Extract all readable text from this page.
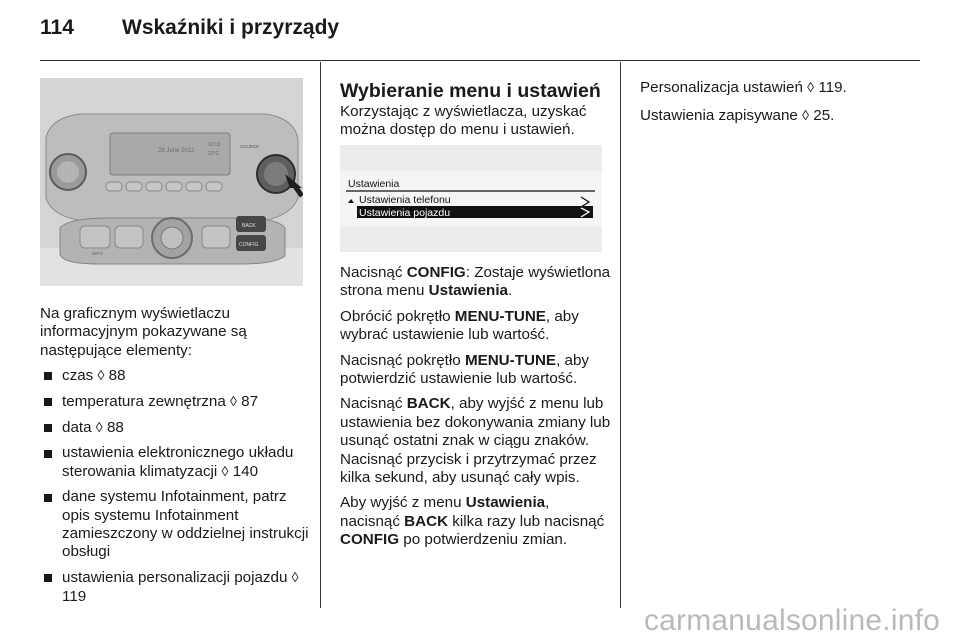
114 Wskaźniki i przyrządy
28 June 2012
12:00
22°C
SOURCE
BACK
CONFIG
INFO

Na graficznym wyświetlaczu informacyjnym pokazywane są następujące elementy:

czas ◊ 88
temperatura zewnętrzna ◊ 87
data ◊ 88
ustawienia elektronicznego układu sterowania klimatyzacji ◊ 140
dane systemu Infotainment, patrz opis systemu Infotainment zamieszczony w oddzielnej instrukcji obsługi
ustawienia personalizacji pojazdu ◊ 119
Wybieranie menu i ustawień

Korzystając z wyświetlacza, uzyskać można dostęp do menu i ustawień.

Ustawienia
Ustawienia telefonu
Ustawienia pojazdu

Nacisnąć CONFIG: Zostaje wyświetlona strona menu Ustawienia.

Obrócić pokrętło MENU-TUNE, aby wybrać ustawienie lub wartość.

Nacisnąć pokrętło MENU-TUNE, aby potwierdzić ustawienie lub wartość.

Nacisnąć BACK, aby wyjść z menu lub ustawienia bez dokonywania zmiany lub usunąć ostatni znak w ciągu znaków. Nacisnąć przycisk i przytrzymać przez kilka sekund, aby usunąć cały wpis.

Aby wyjść z menu Ustawienia, nacisnąć BACK kilka razy lub nacisnąć CONFIG po potwierdzeniu zmian.

Personalizacja ustawień ◊ 119.

Ustawienia zapisywane ◊ 25.

carmanualsonline.info
